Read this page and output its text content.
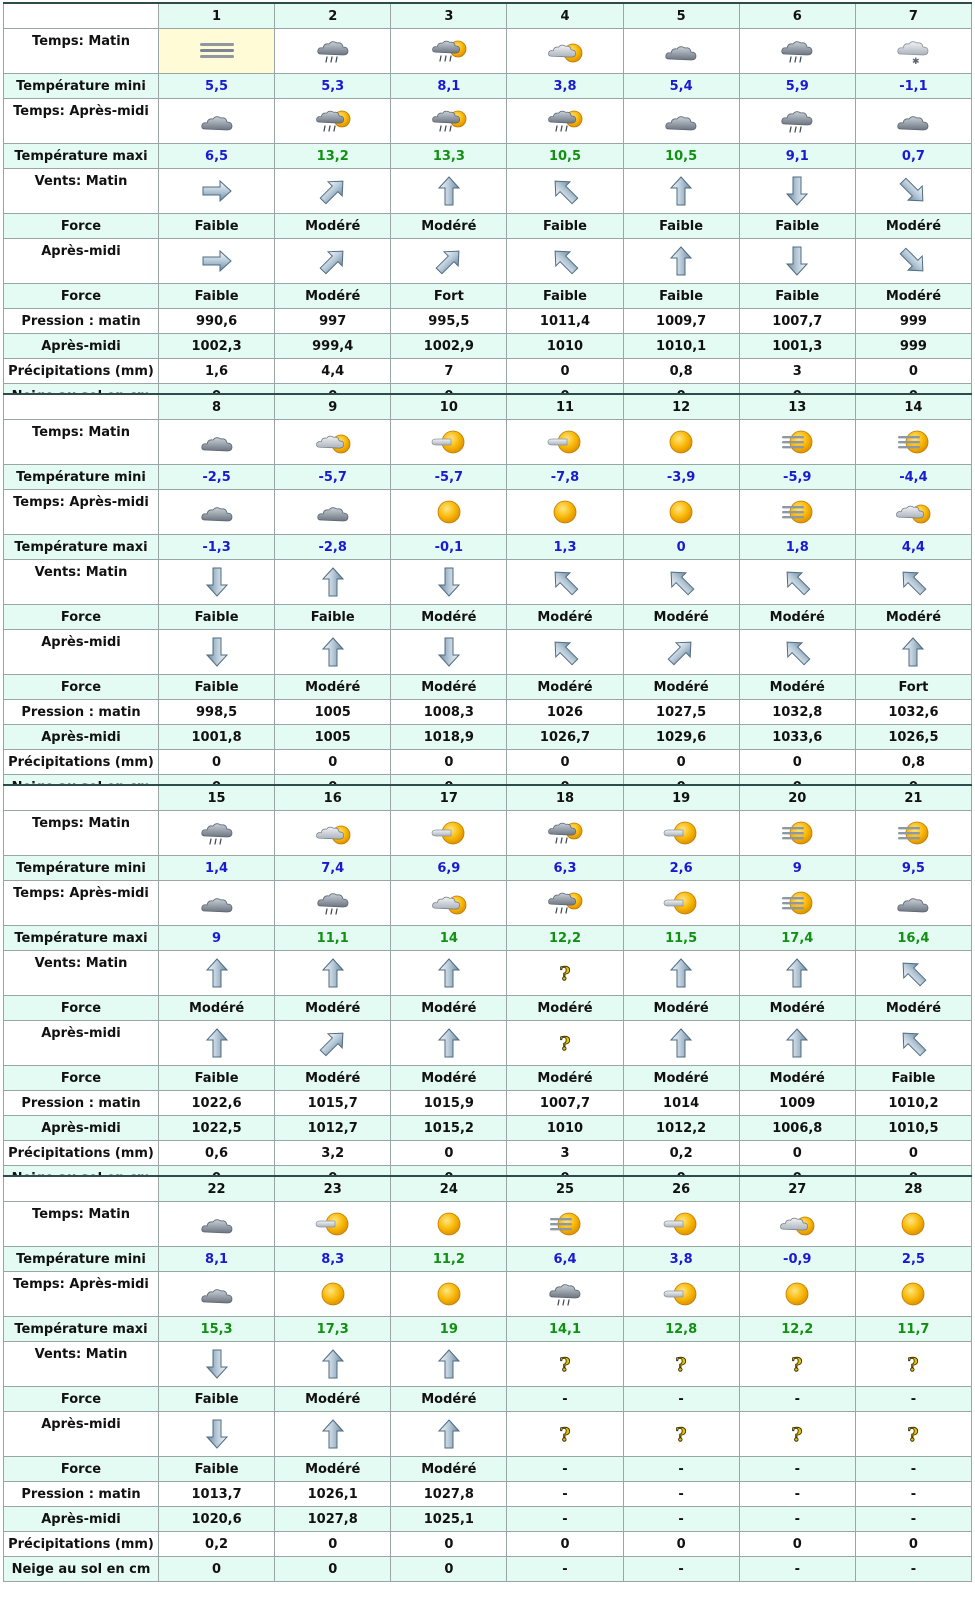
	1	2	3	4	5	6	7
Temps: Matin							✱

Température mini	5,5	5,3	8,1	3,8	5,4	5,9	-1,1
Temps: Après-midi	

Température maxi	6,5	13,2	13,3	10,5	10,5	9,1	0,7
Vents: Matin	

Force	Faible	Modéré	Modéré	Faible	Faible	Faible	Modéré
Après-midi	

Force	Faible	Modéré	Fort	Faible	Faible	Faible	Modéré
Pression : matin	990,6	997	995,5	1011,4	1009,7	1007,7	999
Après-midi	1002,3	999,4	1002,9	1010	1010,1	1001,3	999
Précipitations (mm)	1,6	4,4	7	0	0,8	3	0

	8	9	10	11	12	13	14
Temps: Matin	

Température mini	-2,5	-5,7	-5,7	-7,8	-3,9	-5,9	-4,4
Temps: Après-midi	

Température maxi	-1,3	-2,8	-0,1	1,3	0	1,8	4,4
Vents: Matin	

Force	Faible	Faible	Modéré	Modéré	Modéré	Modéré	Modéré
Après-midi	

Force	Faible	Modéré	Modéré	Modéré	Modéré	Modéré	Fort
Pression : matin	998,5	1005	1008,3	1026	1027,5	1032,8	1032,6
Après-midi	1001,8	1005	1018,9	1026,7	1029,6	1033,6	1026,5
Précipitations (mm)	0	0	0	0	0	0	0,8

	15	16	17	18	19	20	21
Temps: Matin	

Température mini	1,4	7,4	6,9	6,3	2,6	9	9,5
Temps: Après-midi	

Température maxi	9	11,1	14	12,2	11,5	17,4	16,4
Vents: Matin				?

Force	Modéré	Modéré	Modéré	Modéré	Modéré	Modéré	Modéré
Après-midi				?

Force	Faible	Modéré	Modéré	Modéré	Modéré	Modéré	Faible
Pression : matin	1022,6	1015,7	1015,9	1007,7	1014	1009	1010,2
Après-midi	1022,5	1012,7	1015,2	1010	1012,2	1006,8	1010,5
Précipitations (mm)	0,6	3,2	0	3	0,2	0	0

	22	23	24	25	26	27	28
Temps: Matin	

Température mini	8,1	8,3	11,2	6,4	3,8	-0,9	2,5
Temps: Après-midi	

Température maxi	15,3	17,3	19	14,1	12,8	12,2	11,7
Vents: Matin				?	?	?	?

Force	Faible	Modéré	Modéré	-	-	-	-
Après-midi				?	?	?	?

Force	Faible	Modéré	Modéré	-	-	-	-
Pression : matin	1013,7	1026,1	1027,8	-	-	-	-
Après-midi	1020,6	1027,8	1025,1	-	-	-	-
Précipitations (mm)	0,2	0	0	0	0	0	0
Neige au sol en cm	0	0	0	-	-	-	-
